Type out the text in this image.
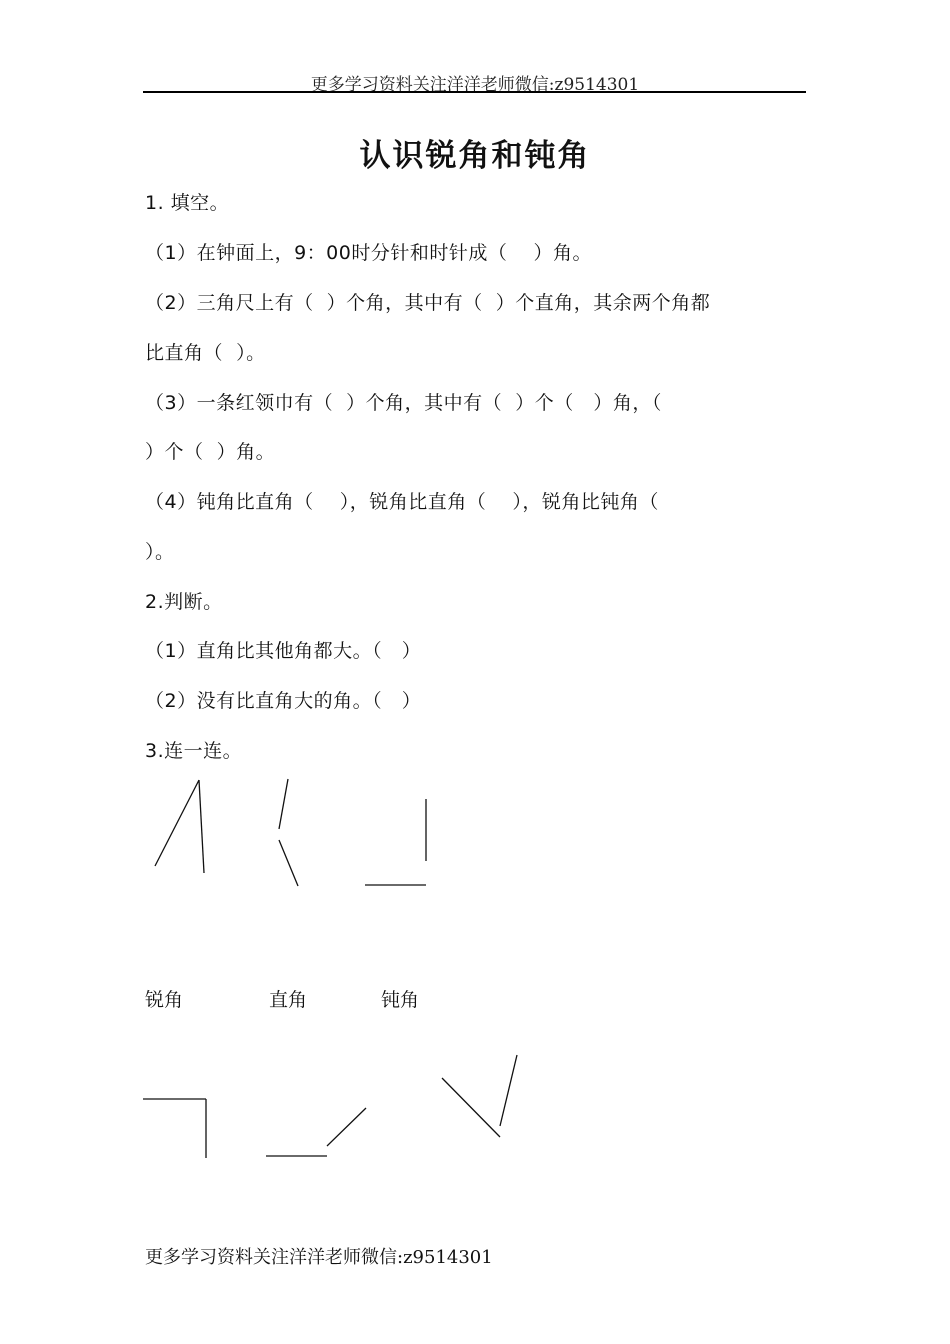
更多学习资料关注洋洋老师微信:z9514301
认识锐角和钝角
1. 填空。
（1）在钟面上，9：00时分针和时针成（    ）角。
（2）三角尺上有（  ）个角，其中有（  ）个直角，其余两个角都
比直角（  ）。
（3）一条红领巾有（  ）个角，其中有（  ）个（   ）角，（
）个（  ）角。
（4）钝角比直角（    ），锐角比直角（    ），锐角比钝角（
）。
2.判断。
（1）直角比其他角都大。（   ）
（2）没有比直角大的角。（   ）
3.连一连。
锐角	直角	钝角
更多学习资料关注洋洋老师微信:z9514301
